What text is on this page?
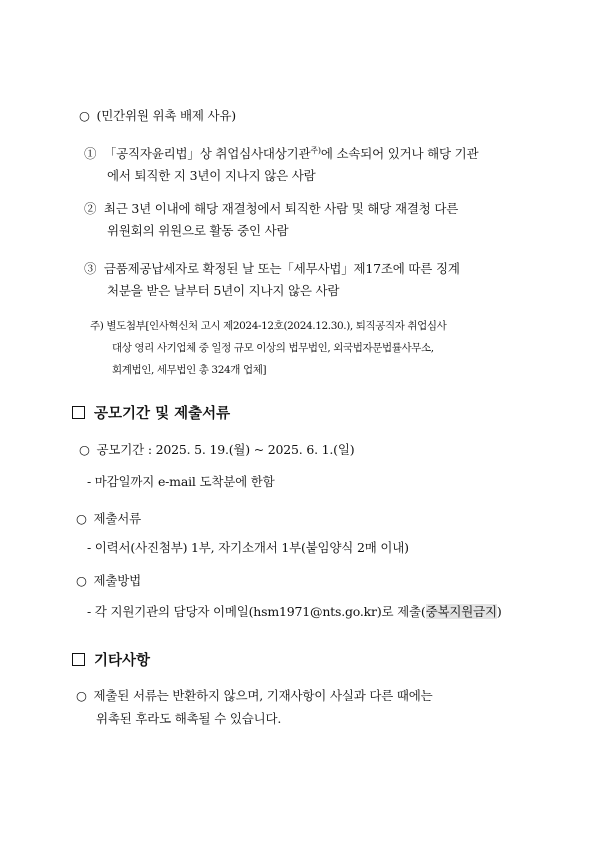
○ (민간위원 위촉 배제 사유)
① 「공직자윤리법」상 취업심사대상기관$^{주)}$에 소속되어 있거나 해당 기관
에서 퇴직한 지 3년이 지나지 않은 사람
② 최근 3년 이내에 해당 재결청에서 퇴직한 사람 및 해당 재결청 다른
위원회의 위원으로 활동 중인 사람
③ 금품제공납세자로 확정된 날 또는「세무사법」제17조에 따른 징계
처분을 받은 날부터 5년이 지나지 않은 사람
주) 별도첨부[인사혁신처 고시 제2024-12호(2024.12.30.), 퇴직공직자 취업심사
대상 영리 사기업체 중 일정 규모 이상의 법무법인, 외국법자문법률사무소,
회계법인, 세무법인 총 324개 업체]
공모기간 및 제출서류
○ 공모기간 : 2025. 5. 19.(월) ~ 2025. 6. 1.(일)
- 마감일까지 e-mail 도착분에 한함
○ 제출서류
- 이력서(사진첨부) 1부, 자기소개서 1부(붙임양식 2매 이내)
○ 제출방법
- 각 지원기관의 담당자 이메일(hsm1971@nts.go.kr)로 제출(중복지원금지)
기타사항
○ 제출된 서류는 반환하지 않으며, 기재사항이 사실과 다른 때에는
위촉된 후라도 해촉될 수 있습니다.
